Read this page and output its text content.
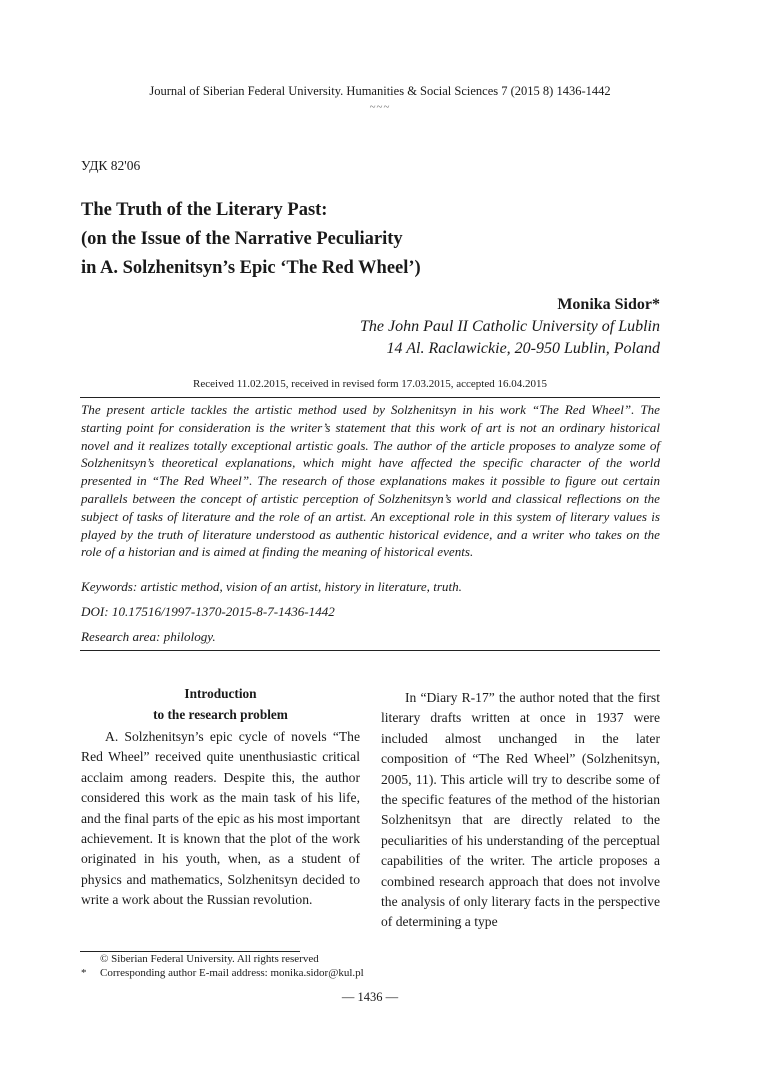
Journal of Siberian Federal University. Humanities & Social Sciences 7 (2015 8) 1436-1442
~~~
УДК 82'06
The Truth of the Literary Past:
(on the Issue of the Narrative Peculiarity
in A. Solzhenitsyn’s Epic ‘The Red Wheel’)
Monika Sidor*
The John Paul II Catholic University of Lublin
14 Al. Raclawickie, 20-950 Lublin, Poland
Received 11.02.2015, received in revised form 17.03.2015, accepted 16.04.2015
The present article tackles the artistic method used by Solzhenitsyn in his work “The Red Wheel”. The starting point for consideration is the writer’s statement that this work of art is not an ordinary historical novel and it realizes totally exceptional artistic goals. The author of the article proposes to analyze some of Solzhenitsyn’s theoretical explanations, which might have affected the specific character of the world presented in “The Red Wheel”. The research of those explanations makes it possible to figure out certain parallels between the concept of artistic perception of Solzhenitsyn’s world and classical reflections on the subject of tasks of literature and the role of an artist. An exceptional role in this system of literary values is played by the truth of literature understood as authentic historical evidence, and a writer who takes on the role of a historian and is aimed at finding the meaning of historical events.
Keywords: artistic method, vision of an artist, history in literature, truth.
DOI: 10.17516/1997-1370-2015-8-7-1436-1442
Research area: philology.
Introduction
to the research problem

A. Solzhenitsyn’s epic cycle of novels “The Red Wheel” received quite unenthusiastic critical acclaim among readers. Despite this, the author considered this work as the main task of his life, and the final parts of the epic as his most important achievement. It is known that the plot of the work originated in his youth, when, as a student of physics and mathematics, Solzhenitsyn decided to write a work about the Russian revolution.

In “Diary R-17” the author noted that the first literary drafts written at once in 1937 were included almost unchanged in the later composition of “The Red Wheel” (Solzhenitsyn, 2005, 11). This article will try to describe some of the specific features of the method of the historian Solzhenitsyn that are directly related to the peculiarities of his understanding of the perceptual capabilities of the writer. The article proposes a combined research approach that does not involve the analysis of only literary facts in the perspective of determining a type

© Siberian Federal University. All rights reserved
* Corresponding author E-mail address: monika.sidor@kul.pl
— 1436 —
